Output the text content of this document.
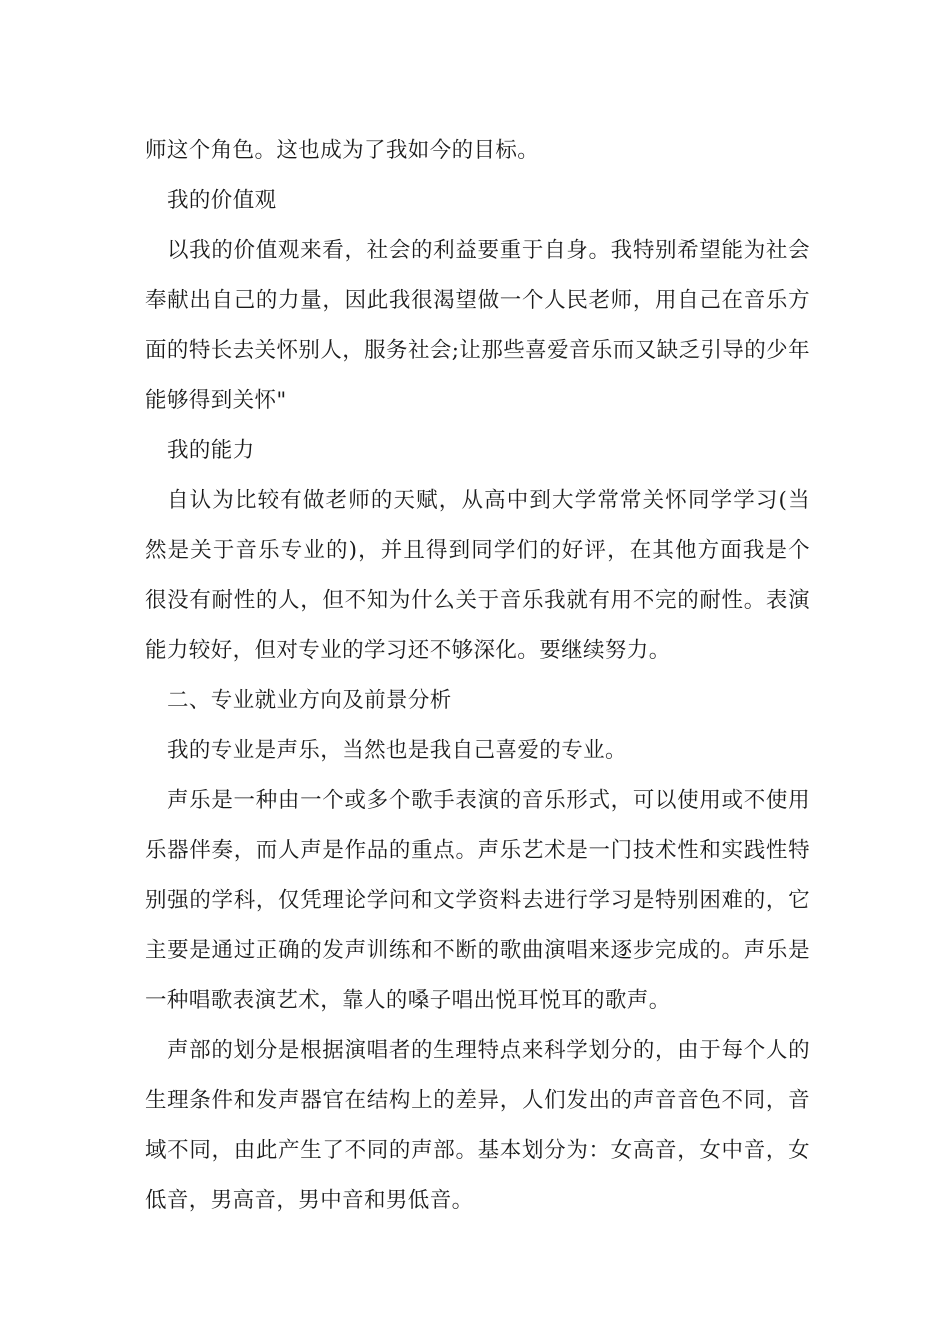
师这个角色。这也成为了我如今的目标。

我的价值观

以我的价值观来看，社会的利益要重于自身。我特别希望能为社会奉献出自己的力量，因此我很渴望做一个人民老师，用自己在音乐方面的特长去关怀别人，服务社会;让那些喜爱音乐而又缺乏引导的少年能够得到关怀"

我的能力

自认为比较有做老师的天赋，从高中到大学常常关怀同学学习(当然是关于音乐专业的)，并且得到同学们的好评，在其他方面我是个很没有耐性的人，但不知为什么关于音乐我就有用不完的耐性。表演能力较好，但对专业的学习还不够深化。要继续努力。

二、专业就业方向及前景分析

我的专业是声乐，当然也是我自己喜爱的专业。

声乐是一种由一个或多个歌手表演的音乐形式，可以使用或不使用乐器伴奏，而人声是作品的重点。声乐艺术是一门技术性和实践性特别强的学科，仅凭理论学问和文学资料去进行学习是特别困难的，它主要是通过正确的发声训练和不断的歌曲演唱来逐步完成的。声乐是一种唱歌表演艺术，靠人的嗓子唱出悦耳悦耳的歌声。

声部的划分是根据演唱者的生理特点来科学划分的，由于每个人的生理条件和发声器官在结构上的差异，人们发出的声音音色不同，音域不同，由此产生了不同的声部。基本划分为：女高音，女中音，女低音，男高音，男中音和男低音。
